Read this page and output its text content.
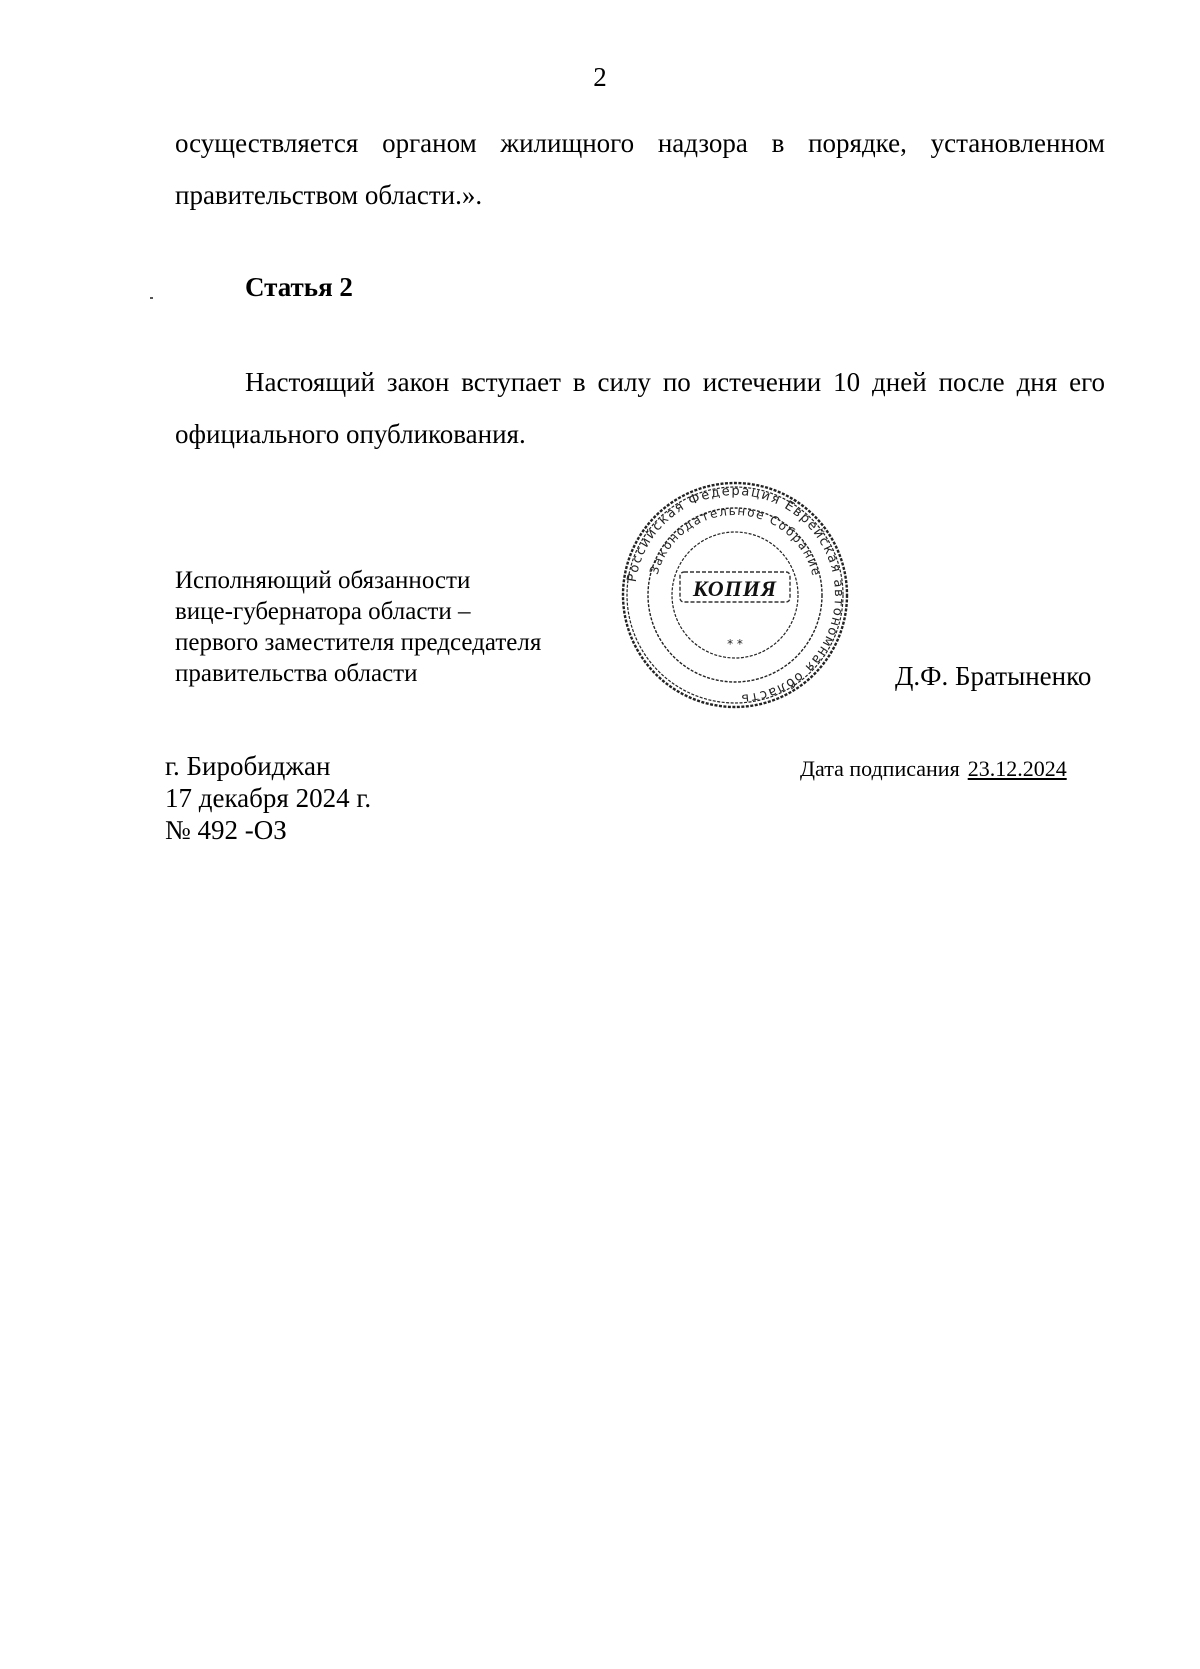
2
осуществляется органом жилищного надзора в порядке, установленном
правительством области.».
Статья 2
Настоящий закон вступает в силу по истечении 10 дней после дня его официального опубликования.
Исполняющий обязанности
вице-губернатора области –
первого заместителя председателя
правительства области
Российская Федерация Еврейская автономная область
Законодательное Собрание
КОПИЯ
* *
Д.Ф. Братыненко
г. Биробиджан
17 декабря 2024 г.
№ 492 -ОЗ
Дата подписания 23.12.2024
